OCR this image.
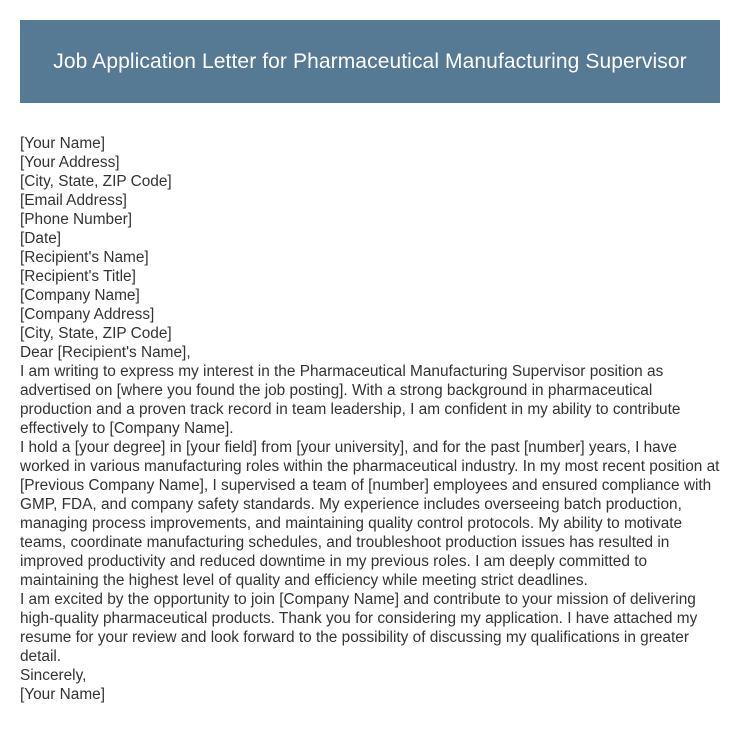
Job Application Letter for Pharmaceutical Manufacturing Supervisor

[Your Name]

[Your Address]

[City, State, ZIP Code]

[Email Address]

[Phone Number]

[Date]

[Recipient's Name]

[Recipient's Title]

[Company Name]

[Company Address]

[City, State, ZIP Code]

Dear [Recipient's Name],

I am writing to express my interest in the Pharmaceutical Manufacturing Supervisor position as advertised on [where you found the job posting]. With a strong background in pharmaceutical production and a proven track record in team leadership, I am confident in my ability to contribute effectively to [Company Name].

I hold a [your degree] in [your field] from [your university], and for the past [number] years, I have worked in various manufacturing roles within the pharmaceutical industry. In my most recent position at [Previous Company Name], I supervised a team of [number] employees and ensured compliance with GMP, FDA, and company safety standards. My experience includes overseeing batch production, managing process improvements, and maintaining quality control protocols. My ability to motivate teams, coordinate manufacturing schedules, and troubleshoot production issues has resulted in improved productivity and reduced downtime in my previous roles. I am deeply committed to maintaining the highest level of quality and efficiency while meeting strict deadlines.

I am excited by the opportunity to join [Company Name] and contribute to your mission of delivering high-quality pharmaceutical products. Thank you for considering my application. I have attached my resume for your review and look forward to the possibility of discussing my qualifications in greater detail.

Sincerely,

[Your Name]
